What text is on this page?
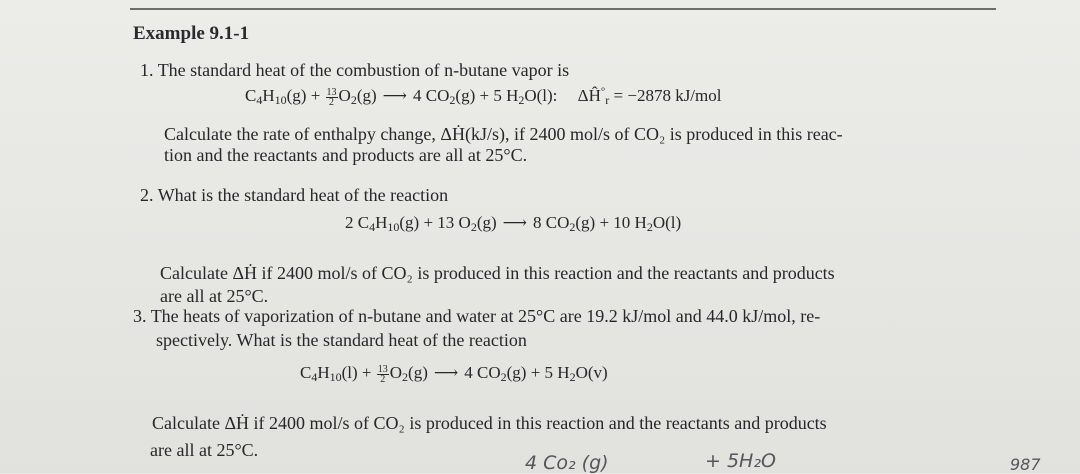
Example 9.1-1
1. The standard heat of the combustion of n-butane vapor is
$C_4H_{10}(g) + \frac{13}{2} O_2(g)$ ⟶ 4 $CO_2(g) + 5$ $H_2O(l)$: $\Delta Ĥ^\circ_r = -2878$ kJ/mol
Calculate the rate of enthalpy change, ΔḢ(kJ/s), if 2400 mol/s of CO₂ is produced in this reac-
tion and the reactants and products are all at 25°C.
2. What is the standard heat of the reaction
2 $C_4H_{10}(g) + 13$ $O_2(g)$ ⟶ 8 $CO_2(g) + 10$ $H_2O(l)$
Calculate ΔḢ if 2400 mol/s of CO₂ is produced in this reaction and the reactants and products
are all at 25°C.
3. The heats of vaporization of n-butane and water at 25°C are 19.2 kJ/mol and 44.0 kJ/mol, re-
spectively. What is the standard heat of the reaction
$C_4H_{10}(l) + \frac{13}{2} O_2(g)$ ⟶ 4 $CO_2(g) + 5$ $H_2O(v)$
Calculate ΔḢ if 2400 mol/s of CO₂ is produced in this reaction and the reactants and products
are all at 25°C.
4 Co₂ (g)	+ 5H₂O	987
